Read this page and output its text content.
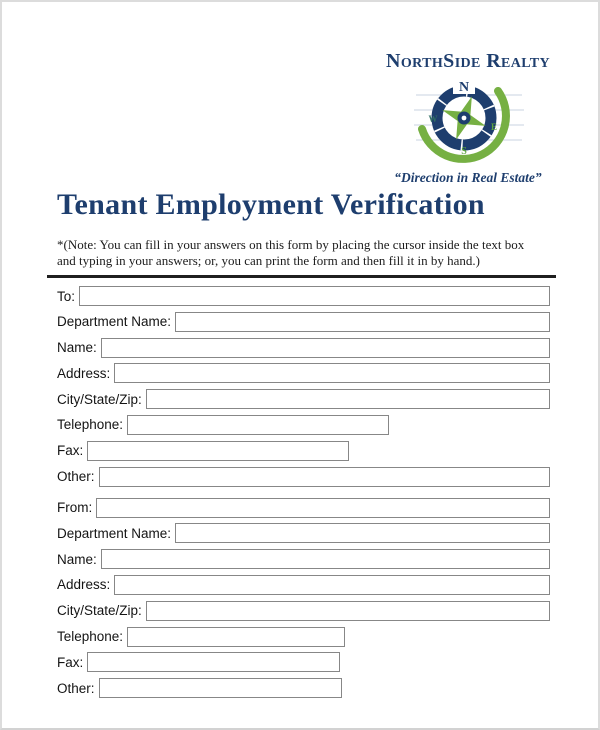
NorthSide Realty
N
W
E
S
“Direction in Real Estate”
Tenant Employment Verification
*(Note: You can fill in your answers on this form by placing the cursor inside the text box
and typing in your answers; or, you can print the form and then fill it in by hand.)
To:
Department Name:
Name:
Address:
City/State/Zip:
Telephone:
Fax:
Other:
From:
Department Name:
Name:
Address:
City/State/Zip:
Telephone:
Fax:
Other:
